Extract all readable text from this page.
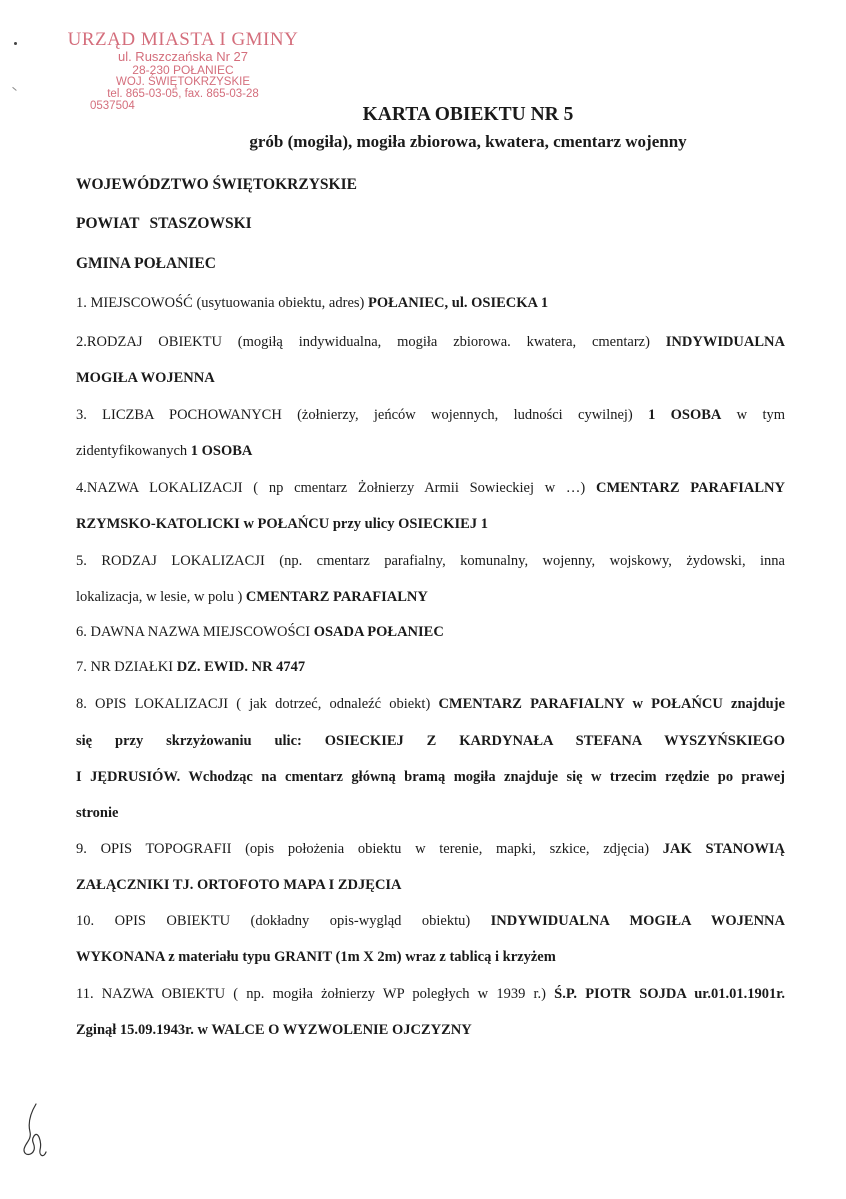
URZĄD MIASTA I GMINY
ul. Ruszczańska Nr 27
28-230 POŁANIEC
WOJ. ŚWIĘTOKRZYSKIE
tel. 865-03-05, fax. 865-03-28
0537504	KARTA OBIEKTU NR 5
grób (mogiła), mogiła zbiorowa, kwatera, cmentarz wojenny
WOJEWÓDZTWO ŚWIĘTOKRZYSKIE
POWIAT STASZOWSKI
GMINA POŁANIEC
1. MIEJSCOWOŚĆ (usytuowania obiektu, adres) POŁANIEC, ul. OSIECKA 1
2.RODZAJ OBIEKTU (mogiłą indywidualna, mogiła zbiorowa. kwatera, cmentarz) INDYWIDUALNA
MOGIŁA WOJENNA
3. LICZBA POCHOWANYCH (żołnierzy, jeńców wojennych, ludności cywilnej) 1 OSOBA w tym
zidentyfikowanych 1 OSOBA
4.NAZWA LOKALIZACJI ( np cmentarz Żołnierzy Armii Sowieckiej w …) CMENTARZ PARAFIALNY
RZYMSKO-KATOLICKI w POŁAŃCU przy ulicy OSIECKIEJ 1
5. RODZAJ LOKALIZACJI (np. cmentarz parafialny, komunalny, wojenny, wojskowy, żydowski, inna
lokalizacja, w lesie, w polu ) CMENTARZ PARAFIALNY
6. DAWNA NAZWA MIEJSCOWOŚCI OSADA POŁANIEC
7. NR DZIAŁKI DZ. EWID. NR 4747
8. OPIS LOKALIZACJI ( jak dotrzeć, odnaleźć obiekt) CMENTARZ PARAFIALNY w POŁAŃCU znajduje
się przy skrzyżowaniu ulic: OSIECKIEJ Z KARDYNAŁA STEFANA WYSZYŃSKIEGO
I JĘDRUSIÓW. Wchodząc na cmentarz główną bramą mogiła znajduje się w trzecim rzędzie po prawej
stronie
9. OPIS TOPOGRAFII (opis położenia obiektu w terenie, mapki, szkice, zdjęcia) JAK STANOWIĄ
ZAŁĄCZNIKI TJ. ORTOFOTO MAPA I ZDJĘCIA
10. OPIS OBIEKTU (dokładny opis-wygląd obiektu) INDYWIDUALNA MOGIŁA WOJENNA
WYKONANA z materiału typu GRANIT (1m X 2m) wraz z tablicą i krzyżem
11. NAZWA OBIEKTU ( np. mogiła żołnierzy WP poległych w 1939 r.) Ś.P. PIOTR SOJDA ur.01.01.1901r.
Zginął 15.09.1943r. w WALCE O WYZWOLENIE OJCZYZNY
